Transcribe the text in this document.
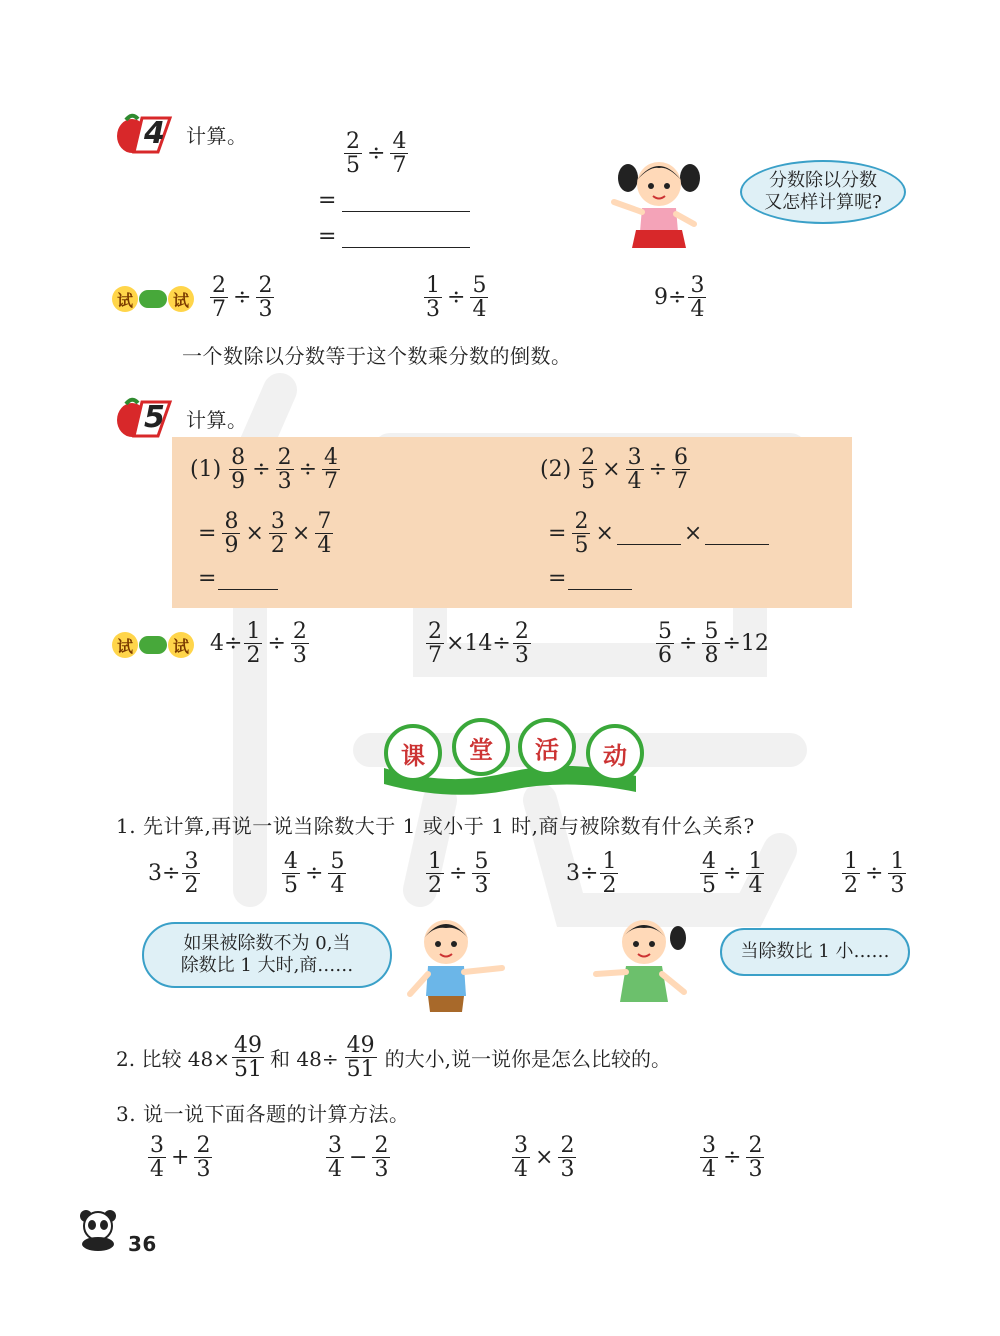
4 计算。	$\frac{2}{5} \div \frac{4}{7}$
=
=
分数除以分数
又怎样计算呢?
试	试 $\frac{2}{7} \div \frac{2}{3}$	$\frac{1}{3} \div \frac{5}{4}$	$9\div \frac{3}{4}$
一个数除以分数等于这个数乘分数的倒数。
5 计算。
$(1) \frac{8}{9} \div \frac{2}{3} \div \frac{4}{7}$
= $\frac{8}{9} \times \frac{3}{2} \times \frac{7}{4}$
=
$(2) \frac{2}{5} \times \frac{3}{4} \div \frac{6}{7}$
= $\frac{2}{5}$ ×	×
=
试	试 $4\div \frac{1}{2} \div \frac{2}{3}$	$\frac{2}{7} \times 14\div \frac{2}{3}$	$\frac{5}{6} \div \frac{5}{8} \div 12$
课	堂	活	动
1. 先计算,再说一说当除数大于 1 或小于 1 时,商与被除数有什么关系?
$3\div \frac{3}{2}$	$\frac{4}{5} \div \frac{5}{4}$	$\frac{1}{2} \div \frac{5}{3}$	$3\div \frac{1}{2}$	$\frac{4}{5} \div \frac{1}{4}$	$\frac{1}{2} \div \frac{1}{3}$
如果被除数不为 0,当
除数比 1 大时,商……
当除数比 1 小……
2. 比较 $48\times \frac{49}{51}$ 和 $48\div \frac{49}{51}$ 的大小,说一说你是怎么比较的。
3. 说一说下面各题的计算方法。
$\frac{3}{4} + \frac{2}{3}$	$\frac{3}{4} - \frac{2}{3}$	$\frac{3}{4} \times \frac{2}{3}$	$\frac{3}{4} \div \frac{2}{3}$
36
